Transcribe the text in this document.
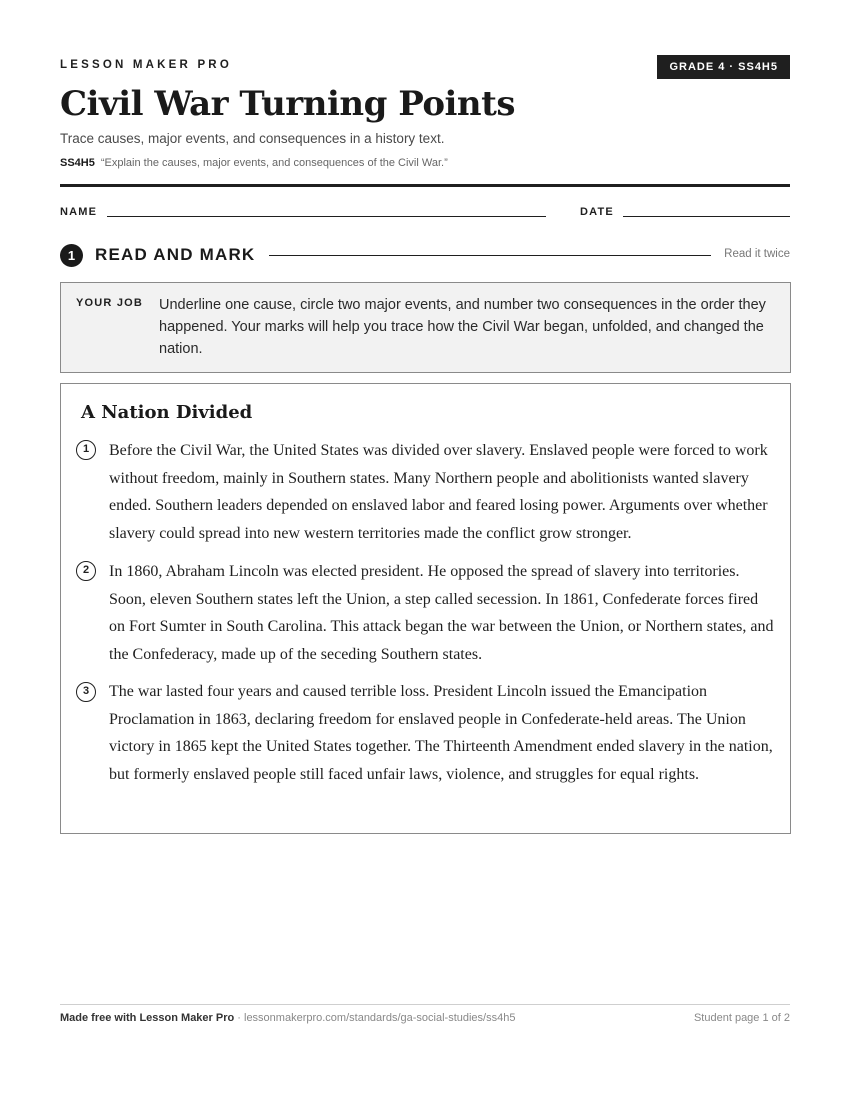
LESSON MAKER PRO	GRADE 4 · SS4H5
Civil War Turning Points
Trace causes, major events, and consequences in a history text.
SS4H5 “Explain the causes, major events, and consequences of the Civil War.”
NAME	DATE
1	READ AND MARK	Read it twice
YOUR JOB Underline one cause, circle two major events, and number two consequences in the order they happened. Your marks will help you trace how the Civil War began, unfolded, and changed the nation.
A Nation Divided
1	Before the Civil War, the United States was divided over slavery. Enslaved people were forced to work without freedom, mainly in Southern states. Many Northern people and abolitionists wanted slavery ended. Southern leaders depended on enslaved labor and feared losing power. Arguments over whether slavery could spread into new western territories made the conflict grow stronger.

2	In 1860, Abraham Lincoln was elected president. He opposed the spread of slavery into territories. Soon, eleven Southern states left the Union, a step called secession. In 1861, Confederate forces fired on Fort Sumter in South Carolina. This attack began the war between the Union, or Northern states, and the Confederacy, made up of the seceding Southern states.

3	The war lasted four years and caused terrible loss. President Lincoln issued the Emancipation Proclamation in 1863, declaring freedom for enslaved people in Confederate-held areas. The Union victory in 1865 kept the United States together. The Thirteenth Amendment ended slavery in the nation, but formerly enslaved people still faced unfair laws, violence, and struggles for equal rights.

Made free with Lesson Maker Pro · lessonmakerpro.com/standards/ga-social-studies/ss4h5	Student page 1 of 2
